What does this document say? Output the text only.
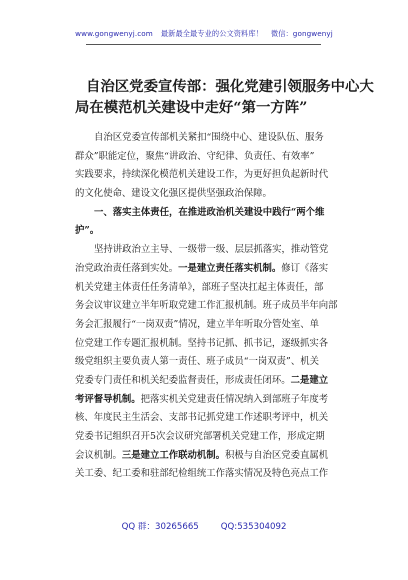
www.gongwenyj.com 最新最全最专业的公文资料库！ 微信：gongwenyj
自治区党委宣传部：强化党建引领服务中心大
局在模范机关建设中走好“第一方阵”
自治区党委宣传部机关紧扣“围绕中心、建设队伍、服务
群众”职能定位，聚焦“讲政治、守纪律、负责任、有效率”
实践要求，持续深化模范机关建设工作，为更好担负起新时代
的文化使命、建设文化强区提供坚强政治保障。
一、落实主体责任，在推进政治机关建设中践行“两个维
护”。
坚持讲政治立主导、一级带一级、层层抓落实，推动管党
治党政治责任落到实处。一是建立责任落实机制。修订《落实
机关党建主体责任任务清单》，部班子坚决扛起主体责任，部
务会议审议建立半年听取党建工作汇报机制。班子成员半年向部
务会汇报履行“一岗双责”情况，建立半年听取分管处室、单
位党建工作专题汇报机制。坚持书记抓、抓书记，逐级抓实各
级党组织主要负责人第一责任、班子成员“一岗双责”、机关
党委专门责任和机关纪委监督责任，形成责任闭环。二是建立
考评督导机制。把落实机关党建责任情况纳入到部班子年度考
核、年度民主生活会、支部书记抓党建工作述职考评中，机关
党委书记组织召开5次会议研究部署机关党建工作，形成定期
会议机制。三是建立工作联动机制。积极与自治区党委直属机
关工委、纪工委和驻部纪检组统工作落实情况及特色亮点工作
QQ 群：30265665	QQ:535304092
